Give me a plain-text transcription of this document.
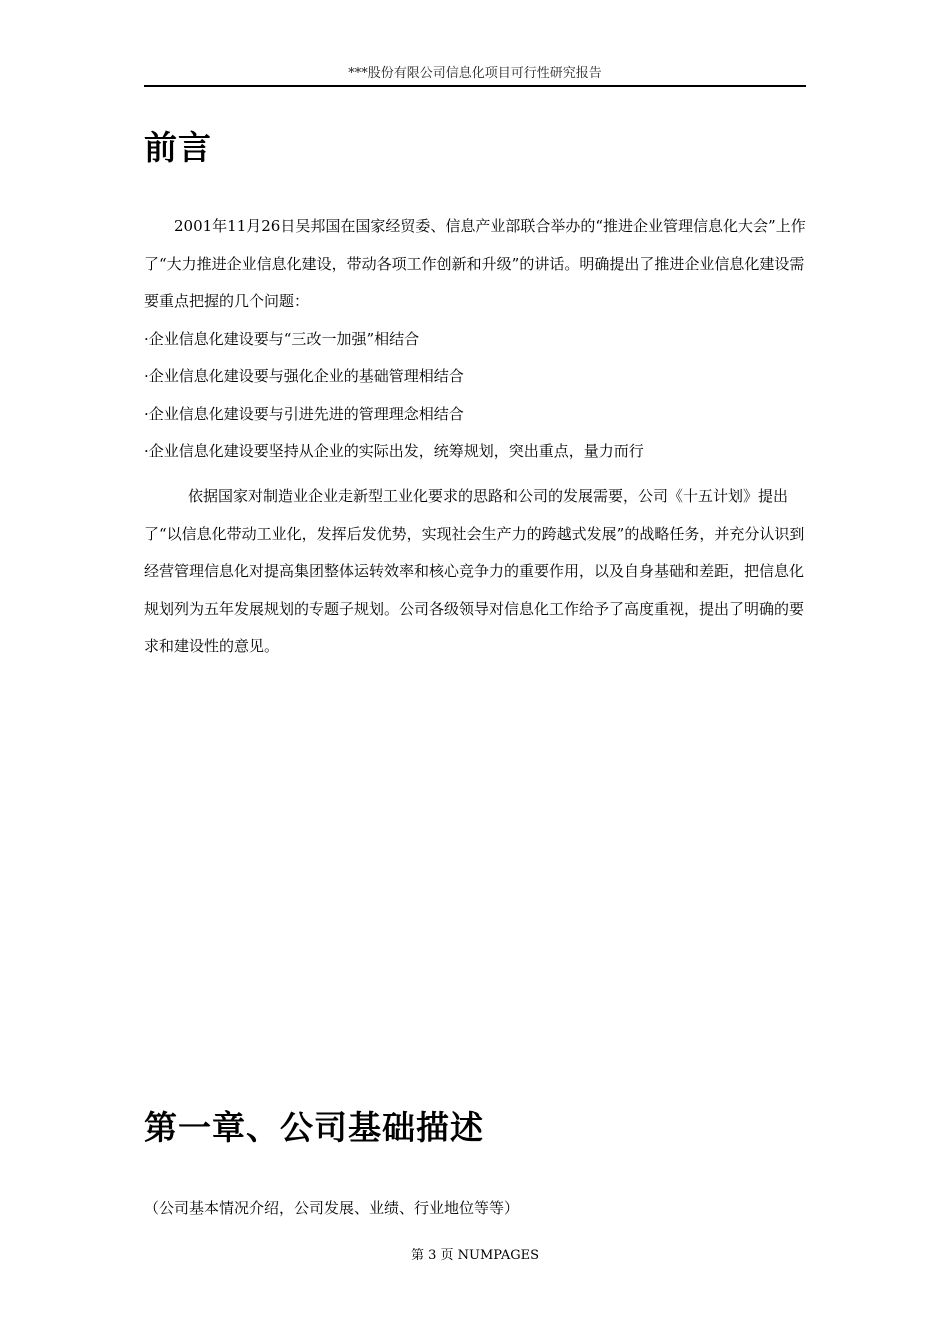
***股份有限公司信息化项目可行性研究报告
前言

2001年11月26日吴邦国在国家经贸委、信息产业部联合举办的“推进企业管理信息化大会”上作了“大力推进企业信息化建设，带动各项工作创新和升级”的讲话。明确提出了推进企业信息化建设需要重点把握的几个问题：

·企业信息化建设要与“三改一加强”相结合

·企业信息化建设要与强化企业的基础管理相结合

·企业信息化建设要与引进先进的管理理念相结合

·企业信息化建设要坚持从企业的实际出发，统筹规划，突出重点，量力而行

依据国家对制造业企业走新型工业化要求的思路和公司的发展需要，公司《十五计划》提出了“以信息化带动工业化，发挥后发优势，实现社会生产力的跨越式发展”的战略任务，并充分认识到经营管理信息化对提高集团整体运转效率和核心竞争力的重要作用，以及自身基础和差距，把信息化规划列为五年发展规划的专题子规划。公司各级领导对信息化工作给予了高度重视，提出了明确的要求和建设性的意见。

第一章、公司基础描述
（公司基本情况介绍，公司发展、业绩、行业地位等等）
第 3 页 NUMPAGES
